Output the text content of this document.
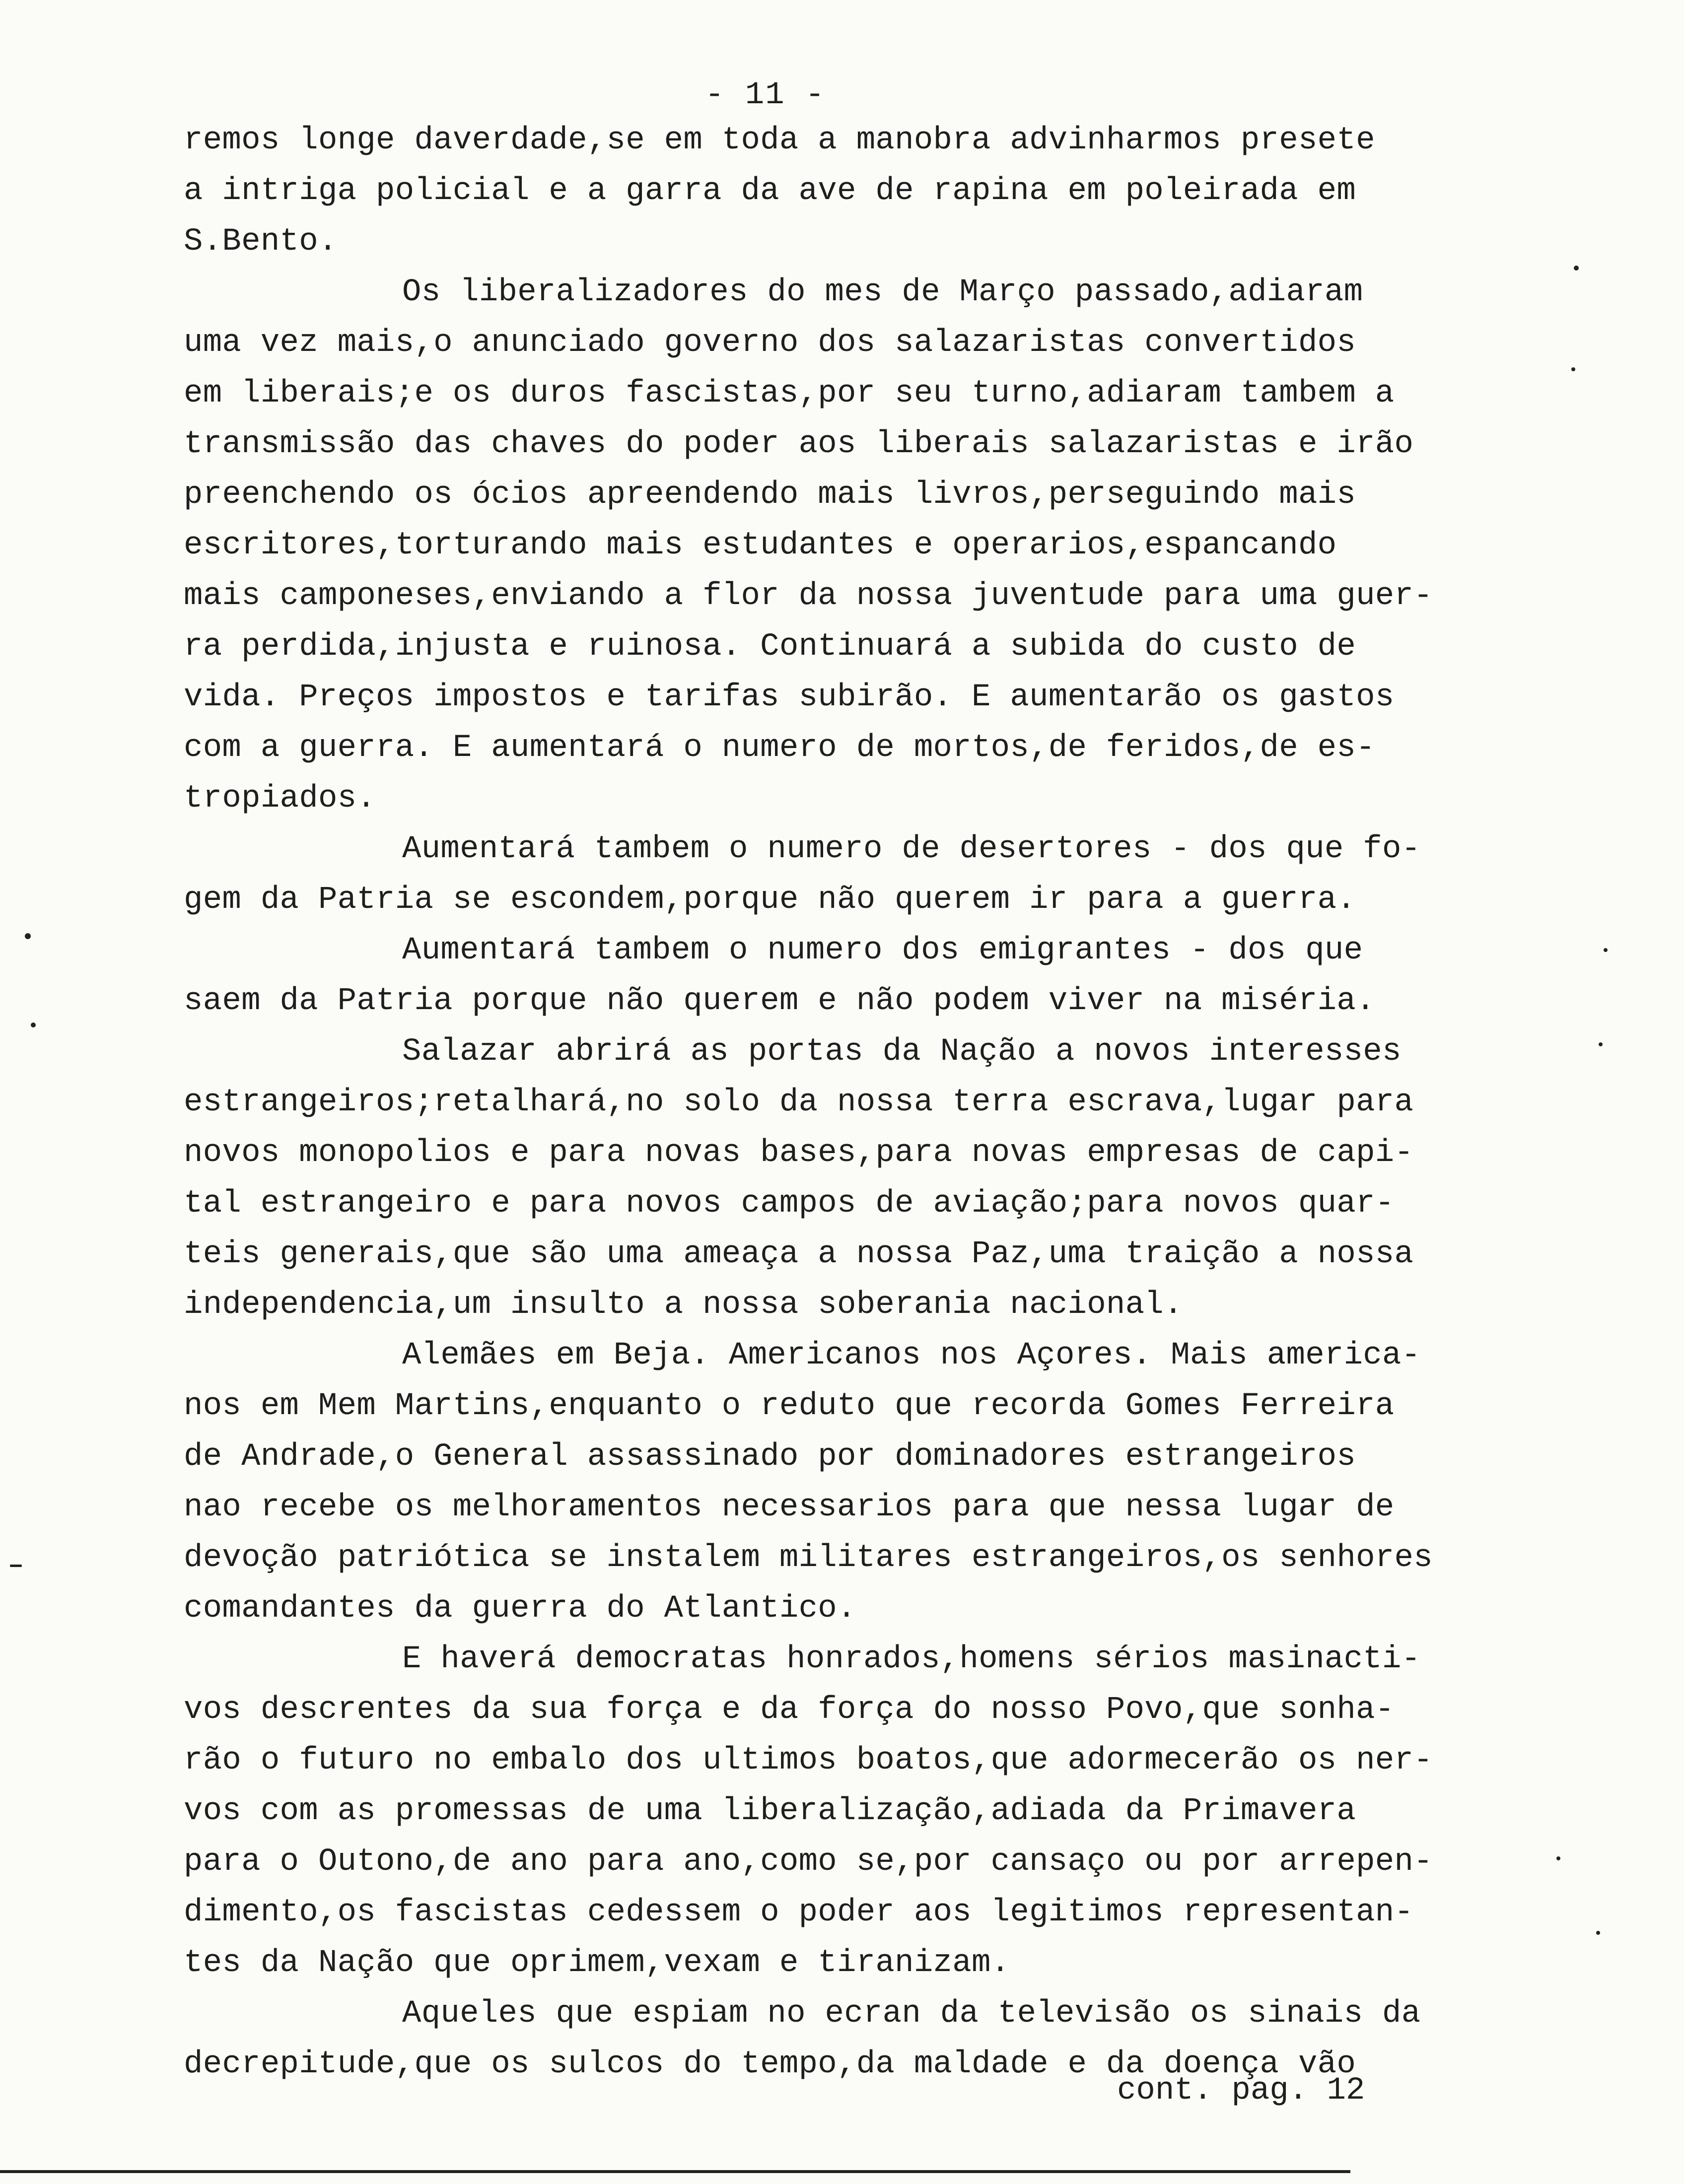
- 11 -
remos longe daverdade,se em toda a manobra advinharmos presete
a intriga policial e a garra da ave de rapina em poleirada em
S.Bento.
Os liberalizadores do mes de Março passado,adiaram
uma vez mais,o anunciado governo dos salazaristas convertidos
em liberais;e os duros fascistas,por seu turno,adiaram tambem a
transmissão das chaves do poder aos liberais salazaristas e irão
preenchendo os ócios apreendendo mais livros,perseguindo mais
escritores,torturando mais estudantes e operarios,espancando
mais camponeses,enviando a flor da nossa juventude para uma guer-
ra perdida,injusta e ruinosa. Continuará a subida do custo de
vida. Preços impostos e tarifas subirão. E aumentarão os gastos
com a guerra. E aumentará o numero de mortos,de feridos,de es-
tropiados.
Aumentará tambem o numero de desertores - dos que fo-
gem da Patria se escondem,porque não querem ir para a guerra.
Aumentará tambem o numero dos emigrantes - dos que
saem da Patria porque não querem e não podem viver na miséria.
Salazar abrirá as portas da Nação a novos interesses
estrangeiros;retalhará,no solo da nossa terra escrava,lugar para
novos monopolios e para novas bases,para novas empresas de capi-
tal estrangeiro e para novos campos de aviação;para novos quar-
teis generais,que são uma ameaça a nossa Paz,uma traição a nossa
independencia,um insulto a nossa soberania nacional.
Alemães em Beja. Americanos nos Açores. Mais america-
nos em Mem Martins,enquanto o reduto que recorda Gomes Ferreira
de Andrade,o General assassinado por dominadores estrangeiros
nao recebe os melhoramentos necessarios para que nessa lugar de
devoção patriótica se instalem militares estrangeiros,os senhores
comandantes da guerra do Atlantico.
E haverá democratas honrados,homens sérios masinacti-
vos descrentes da sua força e da força do nosso Povo,que sonha-
rão o futuro no embalo dos ultimos boatos,que adormecerão os ner-
vos com as promessas de uma liberalização,adiada da Primavera
para o Outono,de ano para ano,como se,por cansaço ou por arrepen-
dimento,os fascistas cedessem o poder aos legitimos representan-
tes da Nação que oprimem,vexam e tiranizam.
Aqueles que espiam no ecran da televisão os sinais da
decrepitude,que os sulcos do tempo,da maldade e da doença vão
cont. pag. 12
